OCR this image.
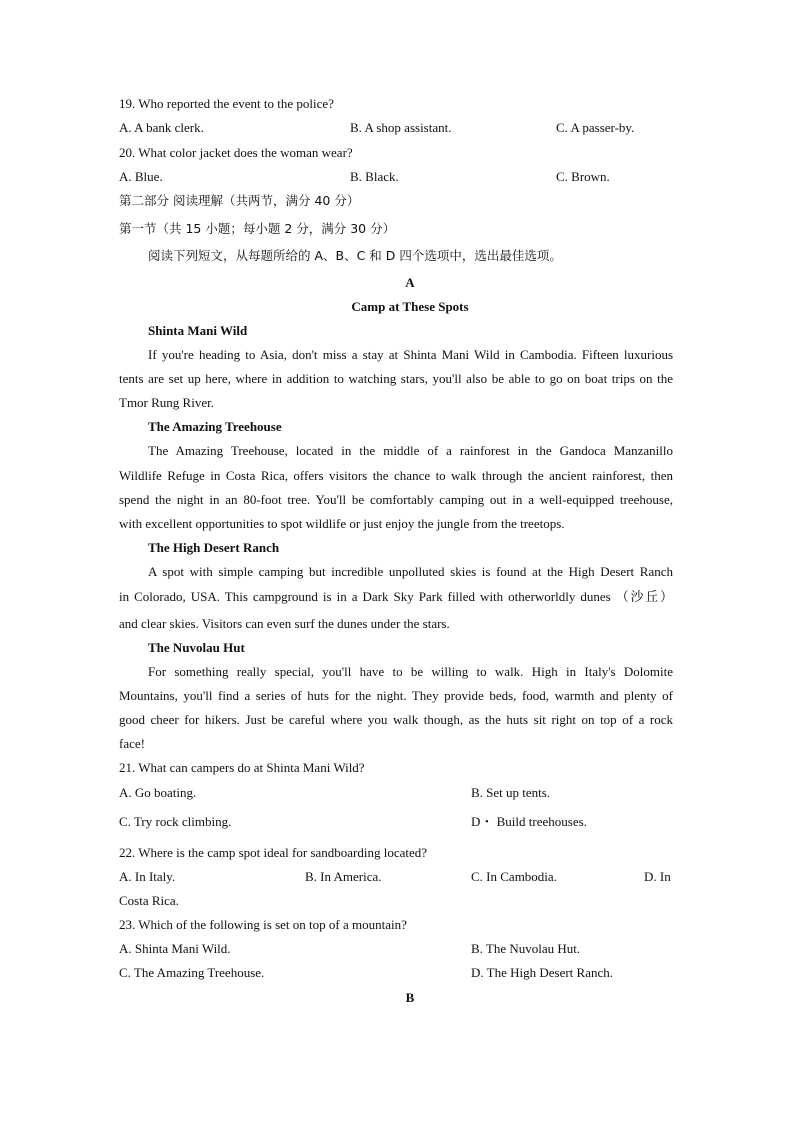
19. Who reported the event to the police?
A. A bank clerk.	B. A shop assistant.	C. A passer-by.
20. What color jacket does the woman wear?
A. Blue.	B. Black.	C. Brown.
第二部分 阅读理解（共两节，满分 40 分）
第一节（共 15 小题；每小题 2 分，满分 30 分）
阅读下列短文，从每题所给的 A、B、C 和 D 四个选项中，选出最佳选项。
A
Camp at These Spots
Shinta Mani Wild
If you're heading to Asia, don't miss a stay at Shinta Mani Wild in Cambodia. Fifteen luxurious
tents are set up here, where in addition to watching stars, you'll also be able to go on boat trips on the
Tmor Rung River.
The Amazing Treehouse
The Amazing Treehouse, located in the middle of a rainforest in the Gandoca Manzanillo
Wildlife Refuge in Costa Rica, offers visitors the chance to walk through the ancient rainforest, then
spend the night in an 80-foot tree. You'll be comfortably camping out in a well-equipped treehouse,
with excellent opportunities to spot wildlife or just enjoy the jungle from the treetops.
The High Desert Ranch
A spot with simple camping but incredible unpolluted skies is found at the High Desert Ranch
in Colorado, USA. This campground is in a Dark Sky Park filled with otherworldly dunes （沙丘）
and clear skies. Visitors can even surf the dunes under the stars.
The Nuvolau Hut
For something really special, you'll have to be willing to walk. High in Italy's Dolomite
Mountains, you'll find a series of huts for the night. They provide beds, food, warmth and plenty of
good cheer for hikers. Just be careful where you walk though, as the huts sit right on top of a rock
face!
21. What can campers do at Shinta Mani Wild?
A. Go boating.	B. Set up tents.
C. Try rock climbing.	D・ Build treehouses.
22. Where is the camp spot ideal for sandboarding located?
A. In Italy.	B. In America.	C. In Cambodia.	D. In
Costa Rica.
23. Which of the following is set on top of a mountain?
A. Shinta Mani Wild.	B. The Nuvolau Hut.
C. The Amazing Treehouse.	D. The High Desert Ranch.
B
